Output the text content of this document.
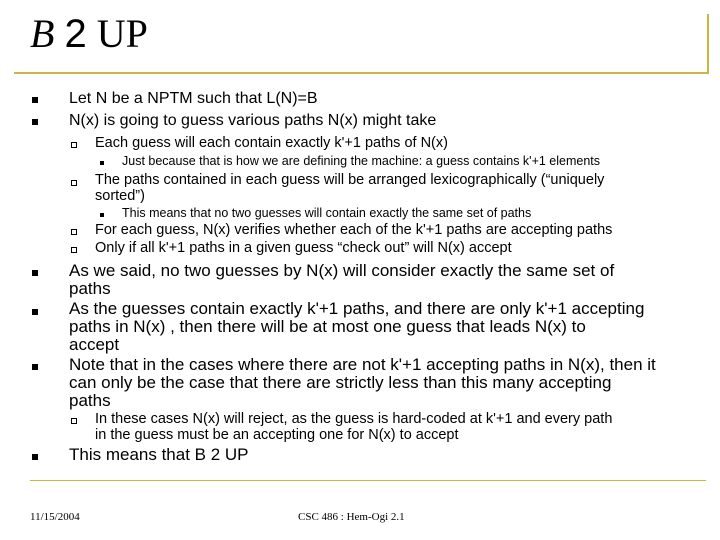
B 2 UP
Let N be a NPTM such that L(N)=B
N(x) is going to guess various paths N(x) might take
Each guess will each contain exactly k'+1 paths of N(x)
Just because that is how we are defining the machine: a guess contains k'+1 elements
The paths contained in each guess will be arranged lexicographically (“uniquely
sorted”)
This means that no two guesses will contain exactly the same set of paths
For each guess, N(x) verifies whether each of the k'+1 paths are accepting paths
Only if all k'+1 paths in a given guess “check out” will N(x) accept
As we said, no two guesses by N(x) will consider exactly the same set of
paths
As the guesses contain exactly k'+1 paths, and there are only k'+1 accepting
paths in N(x) , then there will be at most one guess that leads N(x) to
accept
Note that in the cases where there are not k'+1 accepting paths in N(x), then it
can only be the case that there are strictly less than this many accepting
paths
In these cases N(x) will reject, as the guess is hard-coded at k'+1 and every path
in the guess must be an accepting one for N(x) to accept
This means that B 2 UP
11/15/2004	CSC 486 : Hem-Ogi 2.1
